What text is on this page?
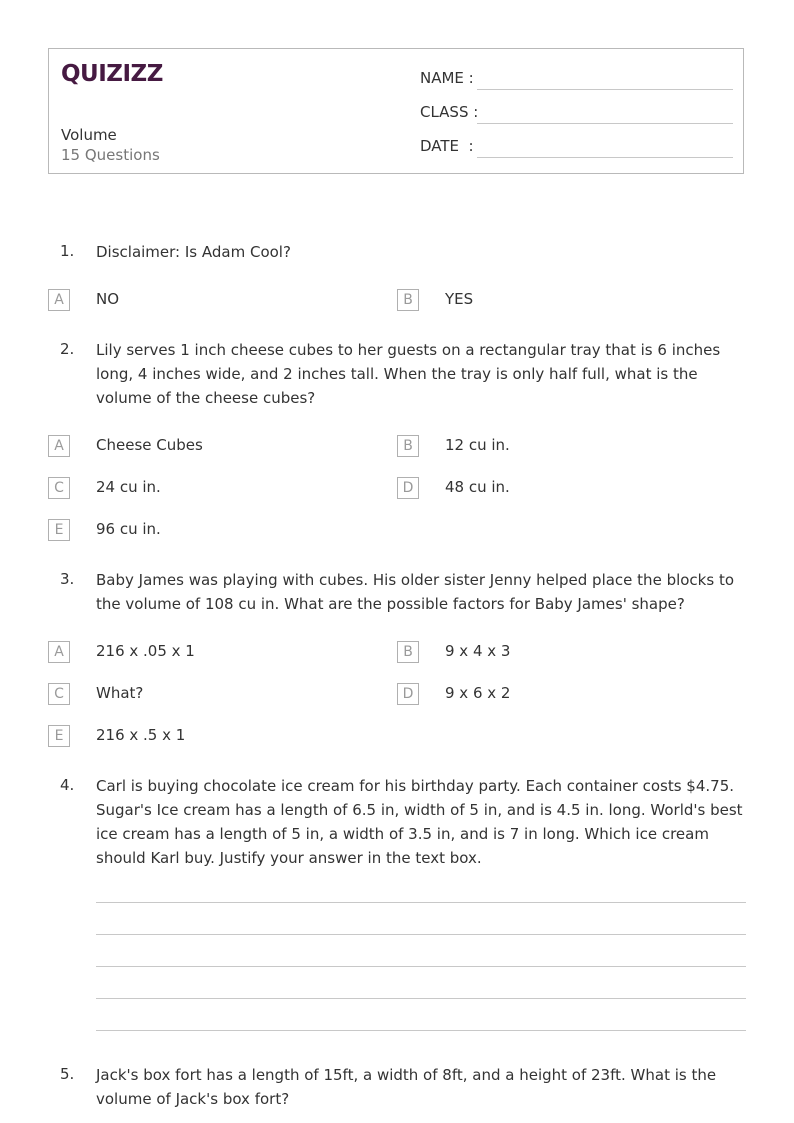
QUIZIZZ
Volume
15 Questions
NAME :
CLASS :
DATE  :
1. Disclaimer: Is Adam Cool?
A	NO	B	YES
2. Lily serves 1 inch cheese cubes to her guests on a rectangular tray that is 6 inches long, 4 inches wide, and 2 inches tall. When the tray is only half full, what is the volume of the cheese cubes?
A	Cheese Cubes	B	12 cu in.
C	24 cu in.	D	48 cu in.
E	96 cu in.
3. Baby James was playing with cubes. His older sister Jenny helped place the blocks to the volume of 108 cu in. What are the possible factors for Baby James' shape?
A	216 x .05 x 1	B	9 x 4 x 3
C	What?	D	9 x 6 x 2
E	216 x .5 x 1
4. Carl is buying chocolate ice cream for his birthday party. Each container costs $4.75. Sugar's Ice cream has a length of 6.5 in, width of 5 in, and is 4.5 in. long. World's best ice cream has a length of 5 in, a width of 3.5 in, and is 7 in long. Which ice cream should Karl buy. Justify your answer in the text box.
5. Jack's box fort has a length of 15ft, a width of 8ft, and a height of 23ft. What is the volume of Jack's box fort?
